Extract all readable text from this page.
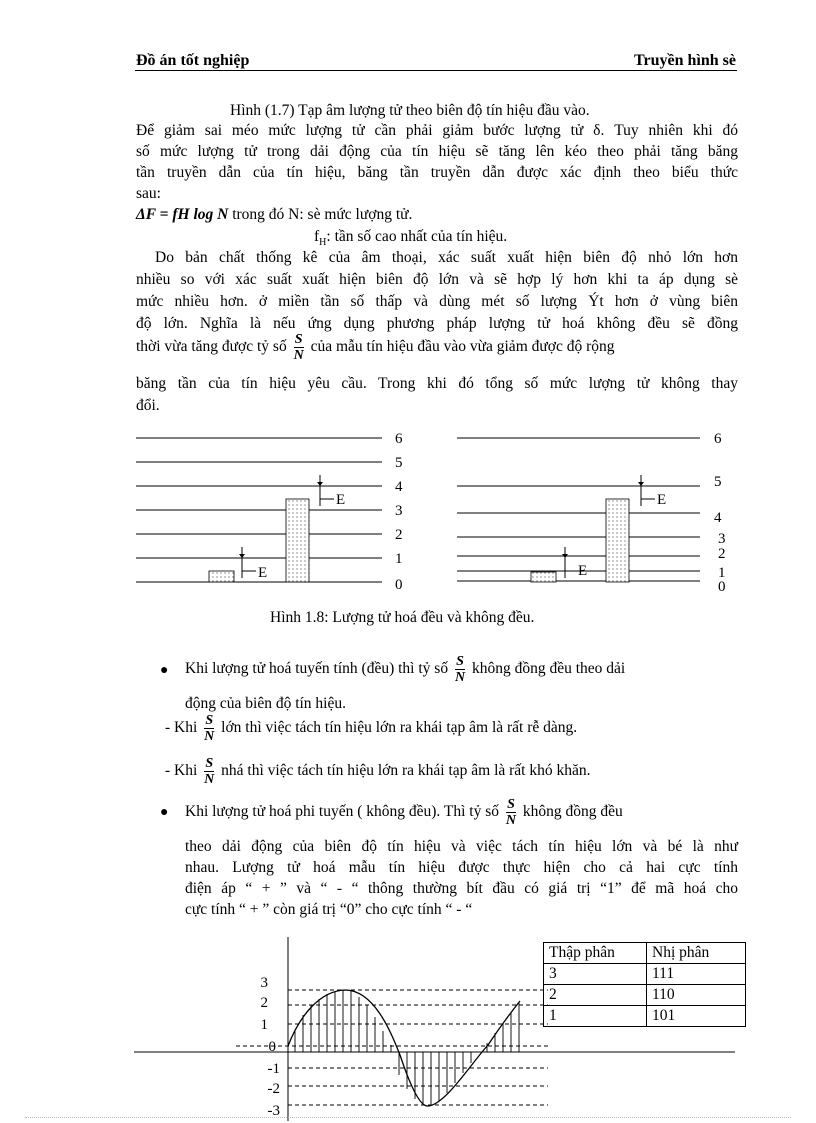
Đồ án tốt nghiệp	Truyền hình sè
Hình (1.7) Tạp âm lượng tử theo biên độ tín hiệu đầu vào.
Để giảm sai méo mức lượng tử cần phải giảm bước lượng tử δ. Tuy nhiên khi đó
số mức lượng tử trong dải động của tín hiệu sẽ tăng lên kéo theo phải tăng băng
tần truyền dẫn của tín hiệu, băng tần truyền dẫn được xác định theo biểu thức
sau:
ΔF = fH log N trong đó N: sè mức lượng tử.
$f_H$: tần số cao nhất của tín hiệu.
Do bản chất thống kê của âm thoại, xác suất xuất hiện biên độ nhỏ lớn hơn
nhiều so với xác suất xuất hiện biên độ lớn và sẽ hợp lý hơn khi ta áp dụng sè
mức nhiều hơn. ở miền tần số thấp và dùng mét số lượng Ýt hơn ở vùng biên
độ lớn. Nghĩa là nếu ứng dụng phương pháp lượng tử hoá không đều sẽ đồng
thời vừa tăng được tỷ số $\frac{S}{N}$ của mẫu tín hiệu đầu vào vừa giảm được độ rộng
băng tần của tín hiệu yêu cầu. Trong khi đó tổng số mức lượng tử không thay
đổi.
E
E
6
5
4
3
2
1
0
E
E
6
5
4
3
2
1
0
Hình 1.8: Lượng tử hoá đều và không đều.
● Khi lượng tử hoá tuyến tính (đều) thì tỷ số $\frac{S}{N}$ không đồng đều theo dải
động của biên độ tín hiệu.
- Khi $\frac{S}{N}$ lớn thì việc tách tín hiệu lớn ra khái tạp âm là rất rễ dàng.
- Khi $\frac{S}{N}$ nhá thì việc tách tín hiệu lớn ra khái tạp âm là rất khó khăn.
● Khi lượng tử hoá phi tuyến ( không đều). Thì tỷ số $\frac{S}{N}$ không đồng đều
theo dải động của biên độ tín hiệu và việc tách tín hiệu lớn và bé là như
nhau. Lượng tử hoá mẫu tín hiệu được thực hiện cho cả hai cực tính
điện áp “ + ” và “ - “ thông thường bít đầu có giá trị “1” để mã hoá cho
cực tính “ + ” còn giá trị “0” cho cực tính “ - “
3
2
1
0
-1
-2
-3
Thập phân	Nhị phân
3	111
2	110
1	101
